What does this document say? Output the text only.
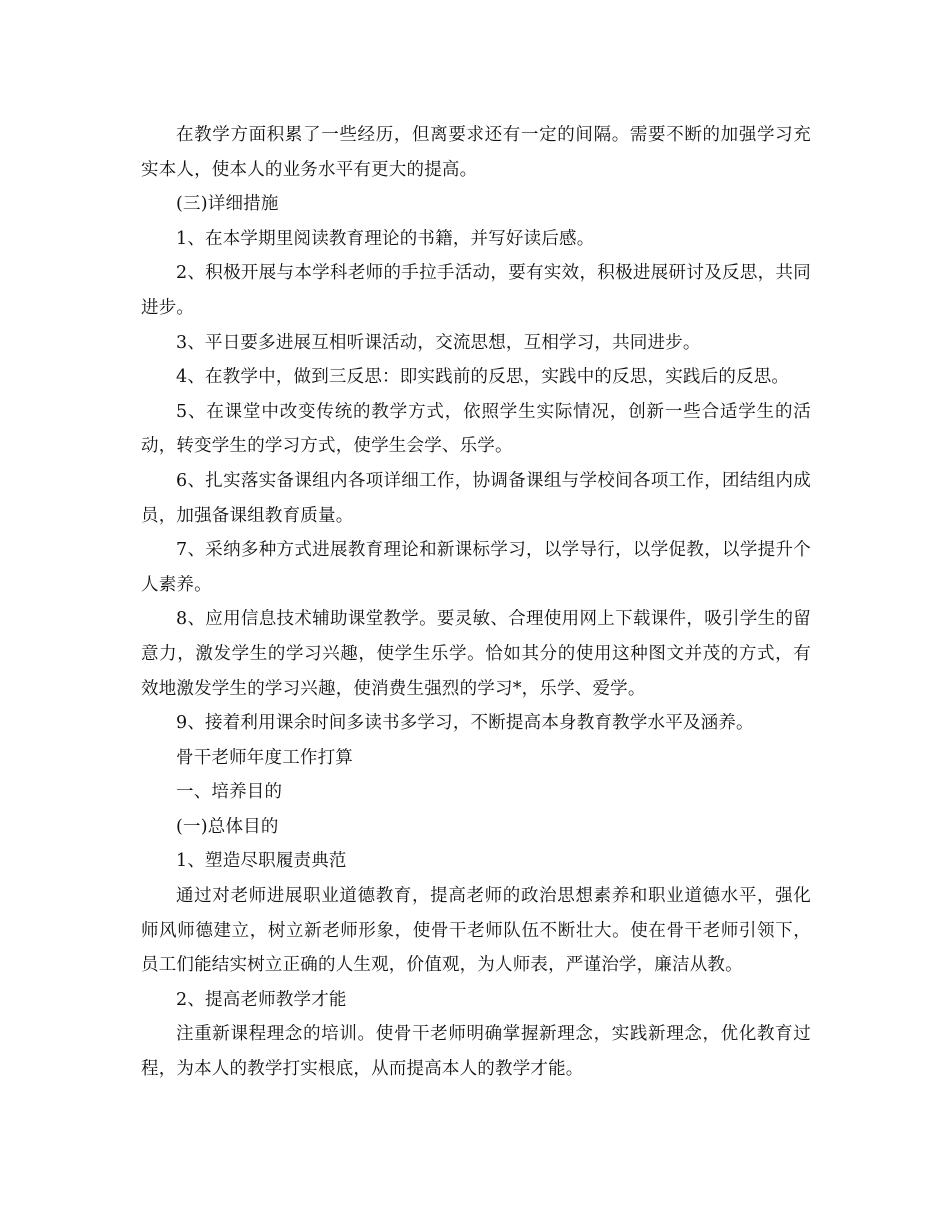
在教学方面积累了一些经历，但离要求还有一定的间隔。需要不断的加强学习充实本人，使本人的业务水平有更大的提高。

(三)详细措施

1、在本学期里阅读教育理论的书籍，并写好读后感。

2、积极开展与本学科老师的手拉手活动，要有实效，积极进展研讨及反思，共同进步。

3、平日要多进展互相听课活动，交流思想，互相学习，共同进步。

4、在教学中，做到三反思：即实践前的反思，实践中的反思，实践后的反思。

5、在课堂中改变传统的教学方式，依照学生实际情况，创新一些合适学生的活动，转变学生的学习方式，使学生会学、乐学。

6、扎实落实备课组内各项详细工作，协调备课组与学校间各项工作，团结组内成员，加强备课组教育质量。

7、采纳多种方式进展教育理论和新课标学习，以学导行，以学促教，以学提升个人素养。

8、应用信息技术辅助课堂教学。要灵敏、合理使用网上下载课件，吸引学生的留意力，激发学生的学习兴趣，使学生乐学。恰如其分的使用这种图文并茂的方式，有效地激发学生的学习兴趣，使消费生强烈的学习*，乐学、爱学。

9、接着利用课余时间多读书多学习，不断提高本身教育教学水平及涵养。

骨干老师年度工作打算

一、培养目的

(一)总体目的

1、塑造尽职履责典范

通过对老师进展职业道德教育，提高老师的政治思想素养和职业道德水平，强化师风师德建立，树立新老师形象，使骨干老师队伍不断壮大。使在骨干老师引领下，员工们能结实树立正确的人生观，价值观，为人师表，严谨治学，廉洁从教。

2、提高老师教学才能

注重新课程理念的培训。使骨干老师明确掌握新理念，实践新理念，优化教育过程，为本人的教学打实根底，从而提高本人的教学才能。
